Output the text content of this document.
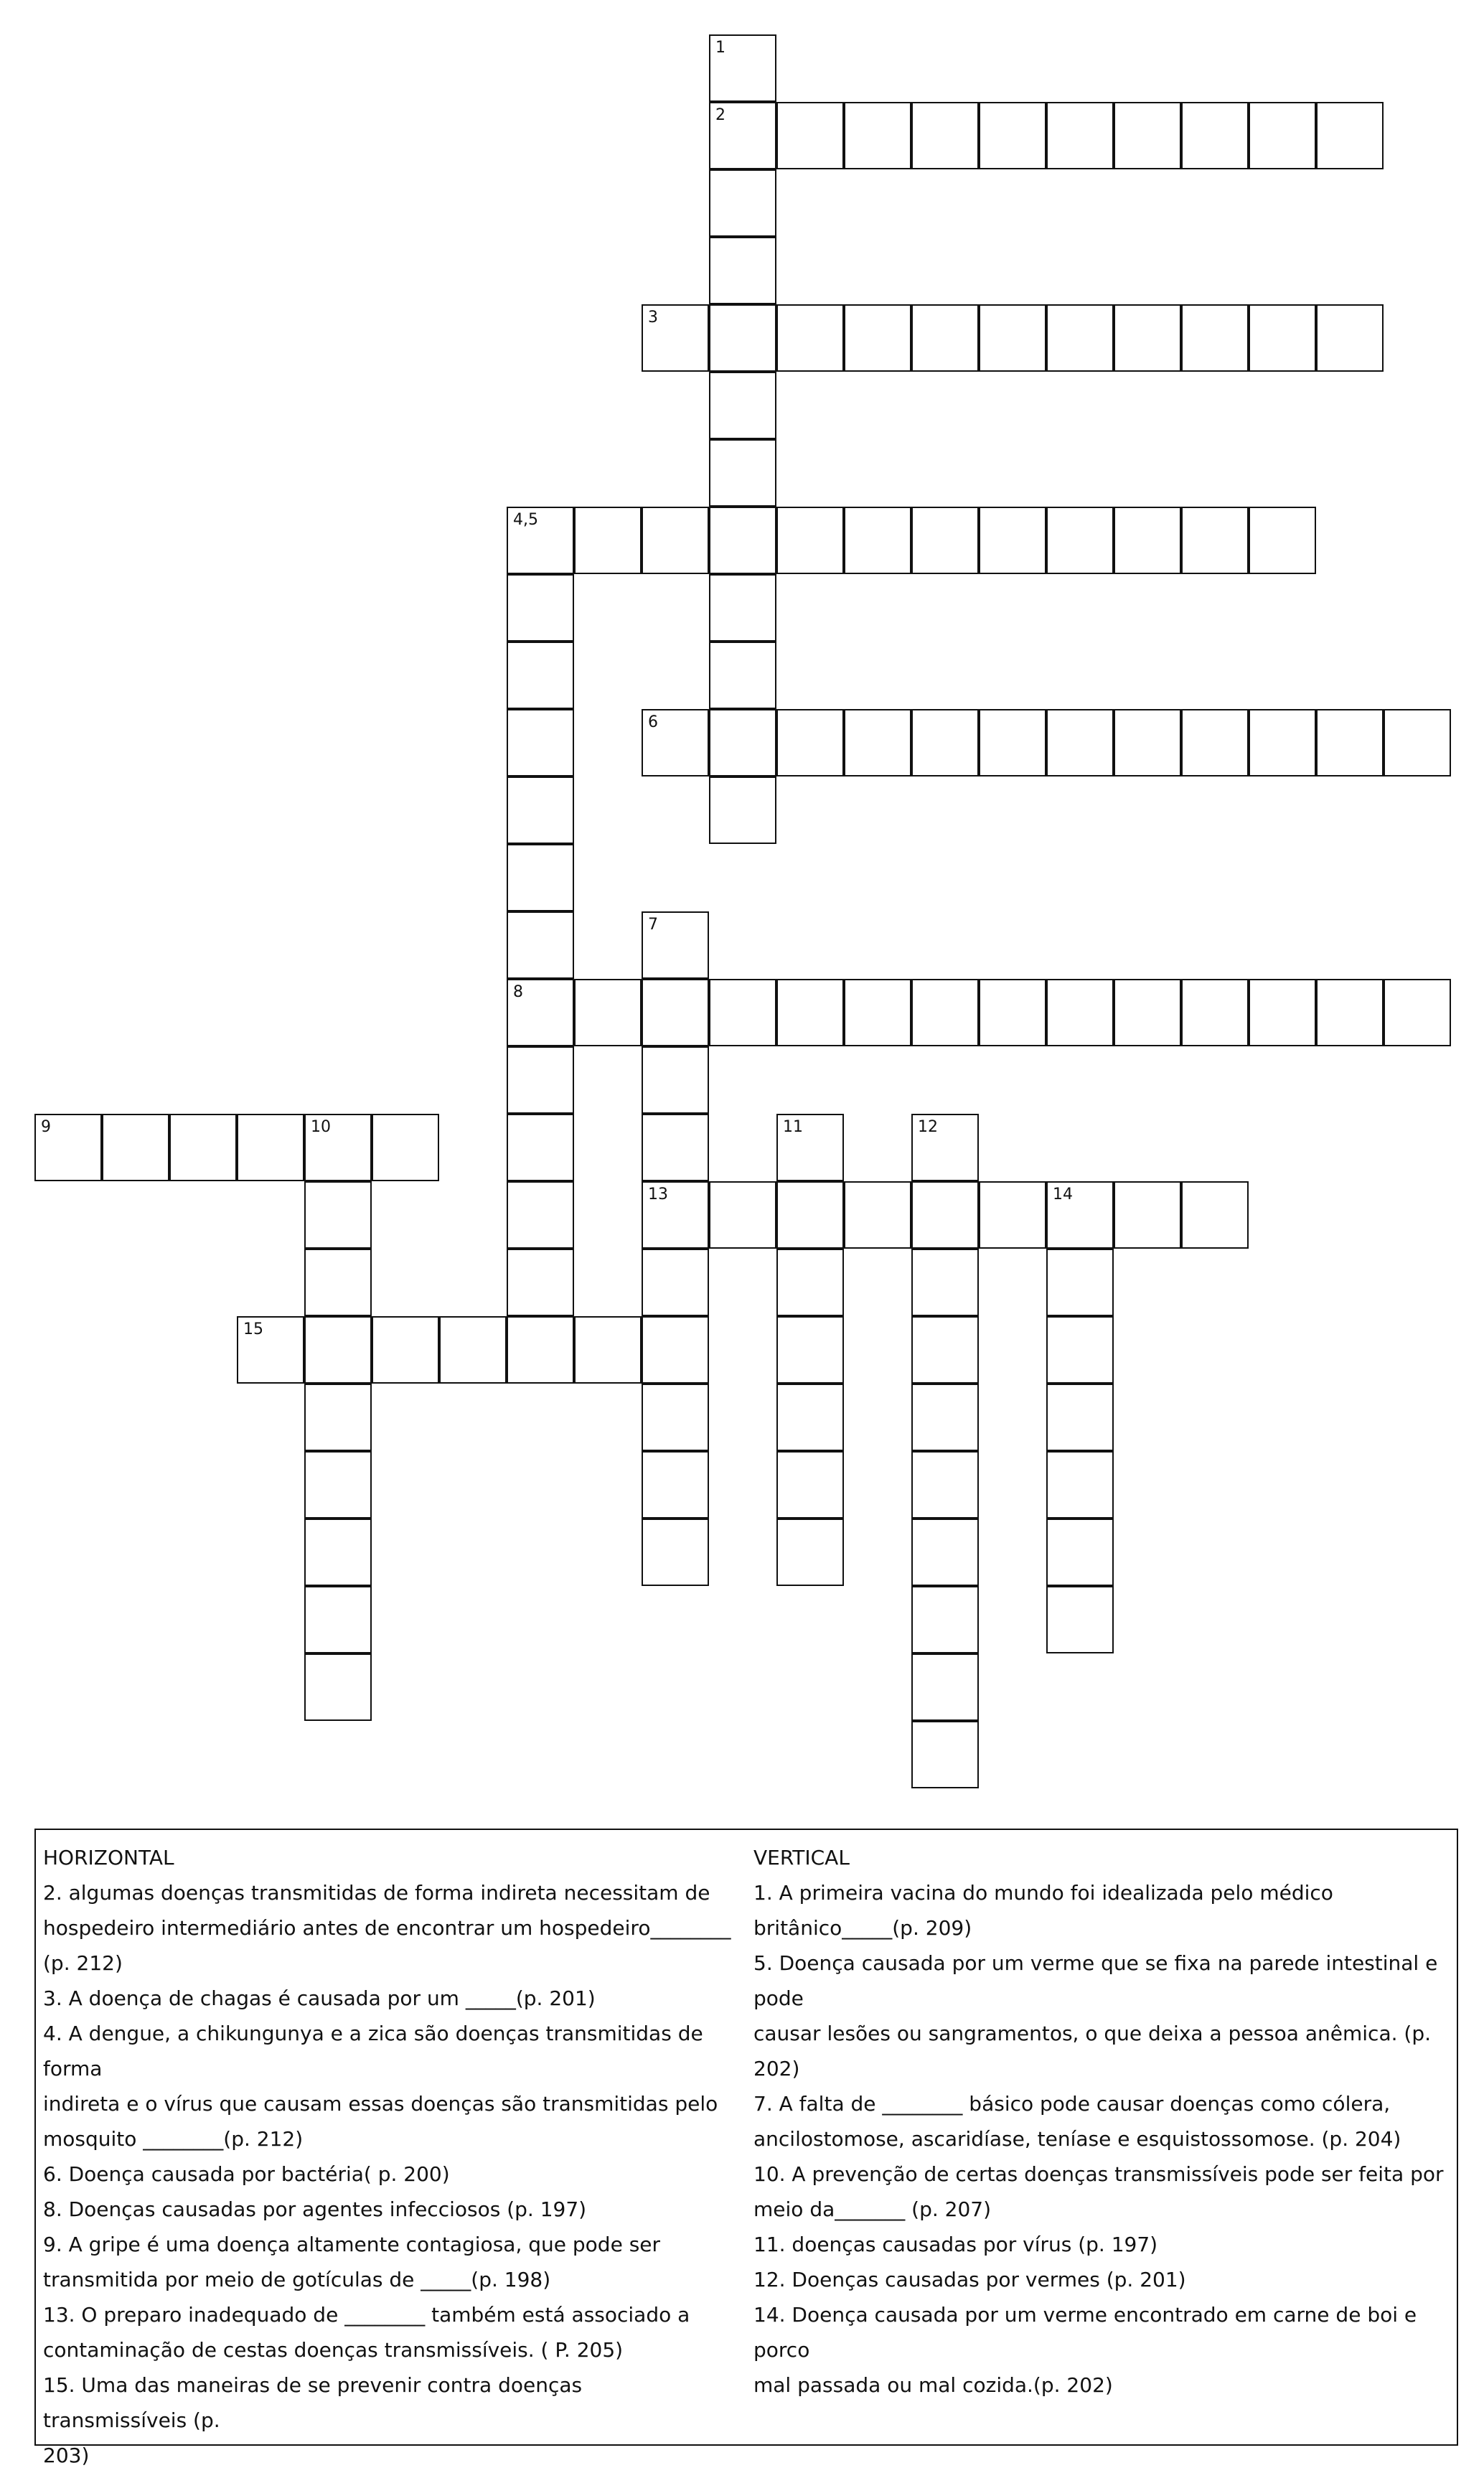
1
2
3
4,5
6
7
8
9	10	11	12
13	14
15

HORIZONTAL

2. algumas doenças transmitidas de forma indireta necessitam de

hospedeiro intermediário antes de encontrar um hospedeiro________

(p. 212)

3. A doença de chagas é causada por um _____(p. 201)

4. A dengue, a chikungunya e a zica são doenças transmitidas de forma

indireta e o vírus que causam essas doenças são transmitidas pelo

mosquito ________(p. 212)

6. Doença causada por bactéria( p. 200)

8. Doenças causadas por agentes infecciosos (p. 197)

9. A gripe é uma doença altamente contagiosa, que pode ser

transmitida por meio de gotículas de _____(p. 198)

13. O preparo inadequado de ________ também está associado a

contaminação de cestas doenças transmissíveis. ( P. 205)

15. Uma das maneiras de se prevenir contra doenças transmissíveis (p.

203)

VERTICAL

1. A primeira vacina do mundo foi idealizada pelo médico

britânico_____(p. 209)

5. Doença causada por um verme que se fixa na parede intestinal e pode

causar lesões ou sangramentos, o que deixa a pessoa anêmica. (p. 202)

7. A falta de ________ básico pode causar doenças como cólera,

ancilostomose, ascaridíase, teníase e esquistossomose. (p. 204)

10. A prevenção de certas doenças transmissíveis pode ser feita por

meio da_______ (p. 207)

11. doenças causadas por vírus (p. 197)

12. Doenças causadas por vermes (p. 201)

14. Doença causada por um verme encontrado em carne de boi e porco

mal passada ou mal cozida.(p. 202)
